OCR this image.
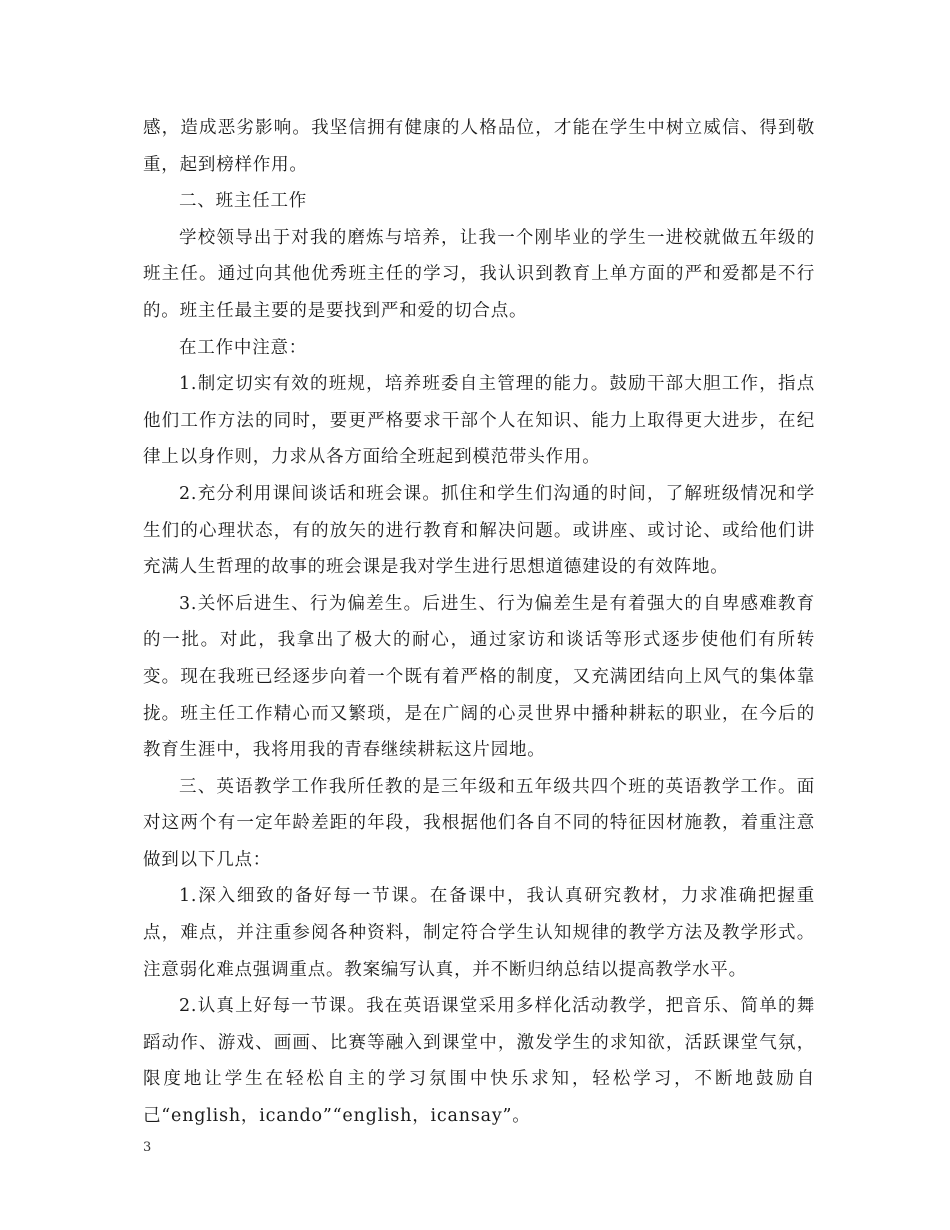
感，造成恶劣影响。我坚信拥有健康的人格品位，才能在学生中树立威信、得到敬重，起到榜样作用。

二、班主任工作

学校领导出于对我的磨炼与培养，让我一个刚毕业的学生一进校就做五年级的班主任。通过向其他优秀班主任的学习，我认识到教育上单方面的严和爱都是不行的。班主任最主要的是要找到严和爱的切合点。

在工作中注意：

1.制定切实有效的班规，培养班委自主管理的能力。鼓励干部大胆工作，指点他们工作方法的同时，要更严格要求干部个人在知识、能力上取得更大进步，在纪律上以身作则，力求从各方面给全班起到模范带头作用。

2.充分利用课间谈话和班会课。抓住和学生们沟通的时间，了解班级情况和学生们的心理状态，有的放矢的进行教育和解决问题。或讲座、或讨论、或给他们讲充满人生哲理的故事的班会课是我对学生进行思想道德建设的有效阵地。

3.关怀后进生、行为偏差生。后进生、行为偏差生是有着强大的自卑感难教育的一批。对此，我拿出了极大的耐心，通过家访和谈话等形式逐步使他们有所转变。现在我班已经逐步向着一个既有着严格的制度，又充满团结向上风气的集体靠拢。班主任工作精心而又繁琐，是在广阔的心灵世界中播种耕耘的职业，在今后的教育生涯中，我将用我的青春继续耕耘这片园地。

三、英语教学工作我所任教的是三年级和五年级共四个班的英语教学工作。面对这两个有一定年龄差距的年段，我根据他们各自不同的特征因材施教，着重注意做到以下几点：

1.深入细致的备好每一节课。在备课中，我认真研究教材，力求准确把握重点，难点，并注重参阅各种资料，制定符合学生认知规律的教学方法及教学形式。注意弱化难点强调重点。教案编写认真，并不断归纳总结以提高教学水平。

2.认真上好每一节课。我在英语课堂采用多样化活动教学，把音乐、简单的舞蹈动作、游戏、画画、比赛等融入到课堂中，激发学生的求知欲，活跃课堂气氛，限度地让学生在轻松自主的学习氛围中快乐求知，轻松学习，不断地鼓励自己“english，icando”“english，icansay”。

3
